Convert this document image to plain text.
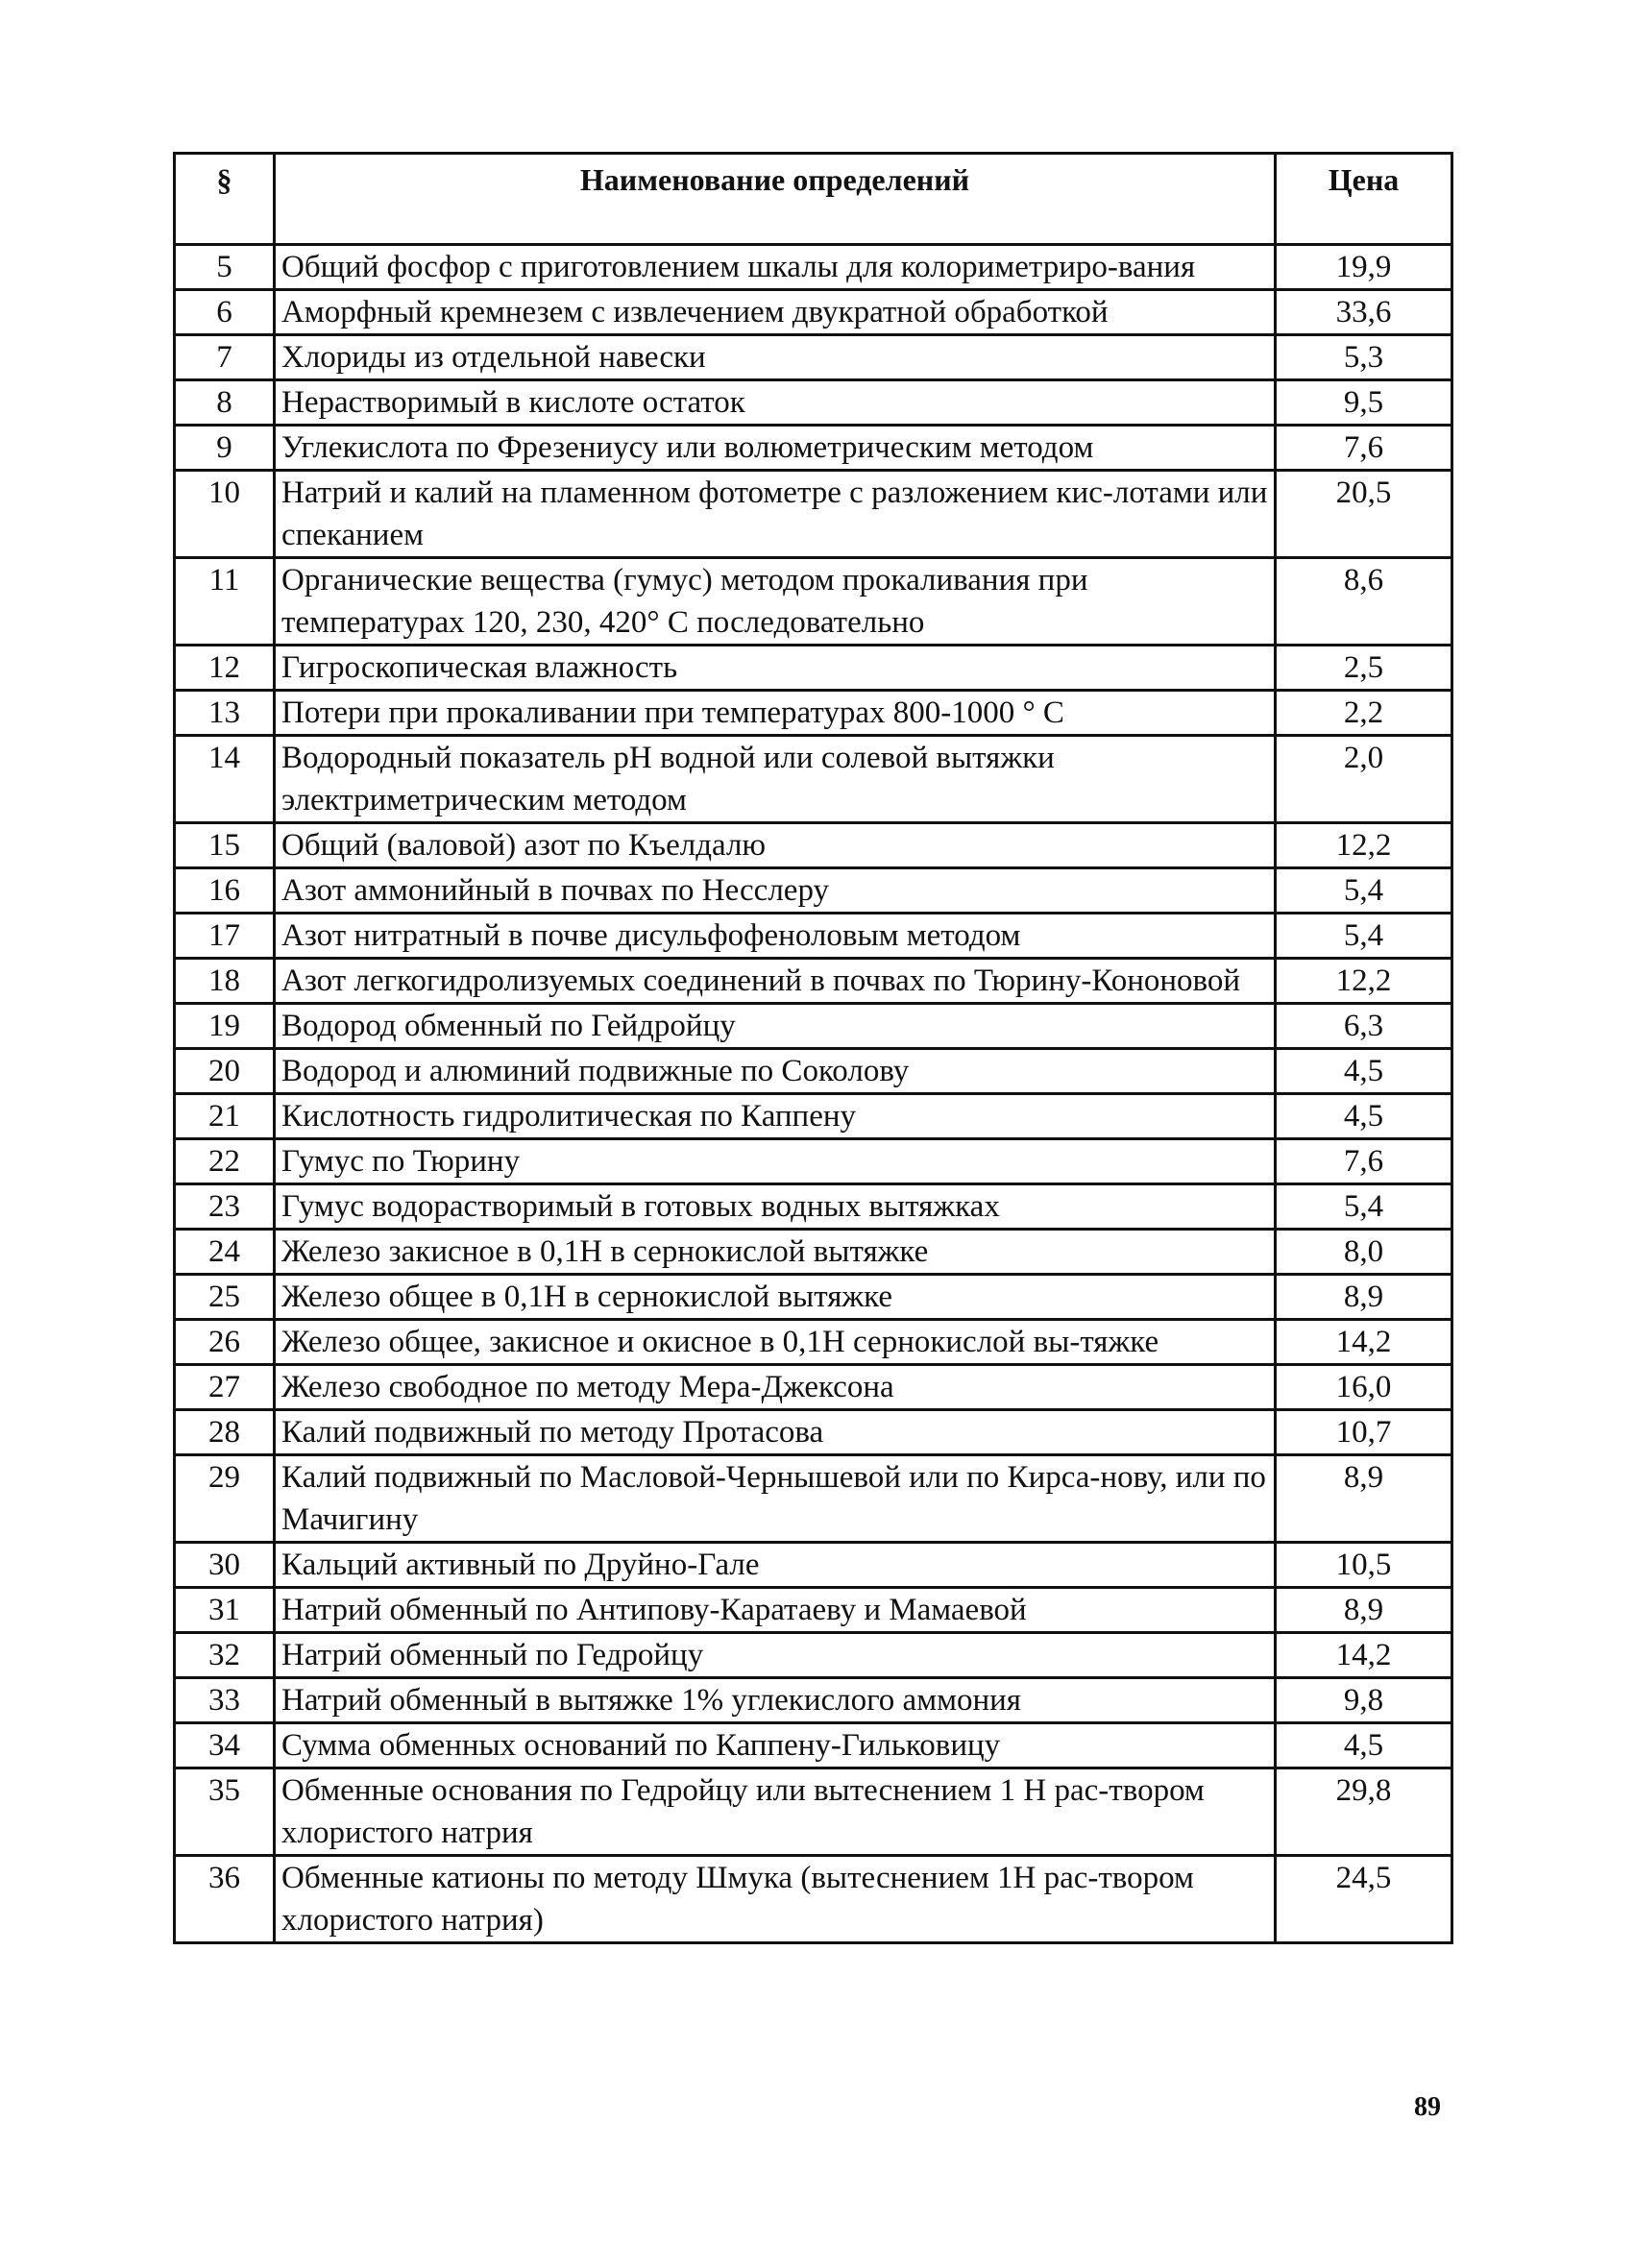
§	Наименование определений	Цена
5	Общий фосфор с приготовлением шкалы для колориметриро-вания	19,9
6	Аморфный кремнезем с извлечением двукратной обработкой	33,6
7	Хлориды из отдельной навески	5,3
8	Нерастворимый в кислоте остаток	9,5
9	Углекислота по Фрезениусу или волюметрическим методом	7,6
10	Натрий и калий на пламенном фотометре с разложением кис-лотами или спеканием	20,5
11	Органические вещества (гумус) методом прокаливания при температурах 120, 230, 420° С последовательно	8,6
12	Гигроскопическая влажность	2,5
13	Потери при прокаливании при температурах 800-1000 ° С	2,2
14	Водородный показатель рН водной или солевой вытяжки электриметрическим методом	2,0
15	Общий (валовой) азот по Къелдалю	12,2
16	Азот аммонийный в почвах по Несслеру	5,4
17	Азот нитратный в почве дисульфофеноловым методом	5,4
18	Азот легкогидролизуемых соединений в почвах по Тюрину-Кононовой	12,2
19	Водород обменный по Гейдройцу	6,3
20	Водород и алюминий подвижные по Соколову	4,5
21	Кислотность гидролитическая по Каппену	4,5
22	Гумус по Тюрину	7,6
23	Гумус водорастворимый в готовых водных вытяжках	5,4
24	Железо закисное в 0,1Н в сернокислой вытяжке	8,0
25	Железо общее в 0,1Н в сернокислой вытяжке	8,9
26	Железо общее, закисное и окисное в 0,1Н сернокислой вы-тяжке	14,2
27	Железо свободное по методу Мера-Джексона	16,0
28	Калий подвижный по методу Протасова	10,7
29	Калий подвижный по Масловой-Чернышевой или по Кирса-нову, или по Мачигину	8,9
30	Кальций активный по Друйно-Гале	10,5
31	Натрий обменный по Антипову-Каратаеву и Мамаевой	8,9
32	Натрий обменный по Гедройцу	14,2
33	Натрий обменный в вытяжке 1% углекислого аммония	9,8
34	Сумма обменных оснований по Каппену-Гильковицу	4,5
35	Обменные основания по Гедройцу или вытеснением 1 Н рас-твором хлористого натрия	29,8
36	Обменные катионы по методу Шмука (вытеснением 1Н рас-твором хлористого натрия)	24,5
89
